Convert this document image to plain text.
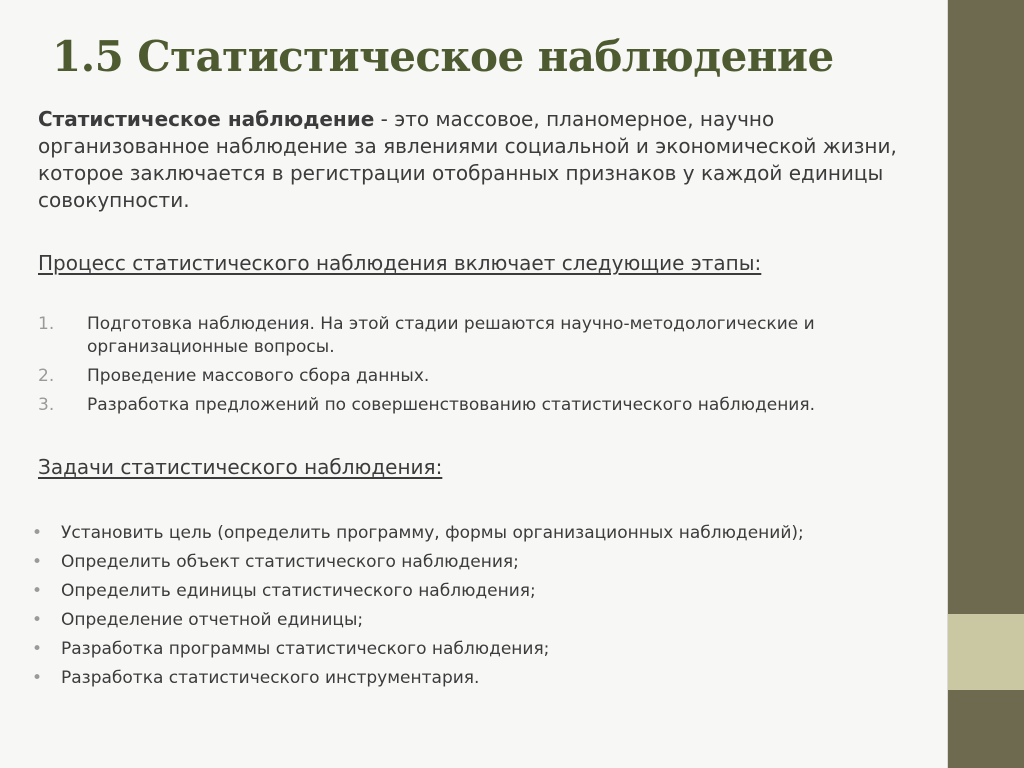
1.5 Статистическое наблюдение

Статистическое наблюдение - это массовое, планомерное, научно организованное наблюдение за явлениями социальной и экономической жизни, которое заключается в регистрации отобранных признаков у каждой единицы совокупности.

Процесс статистического наблюдения включает следующие этапы:

1. Подготовка наблюдения. На этой стадии решаются научно-методологические и организационные вопросы.
2. Проведение массового сбора данных.
3. Разработка предложений по совершенствованию статистического наблюдения.

Задачи статистического наблюдения:

• Установить цель (определить программу, формы организационных наблюдений);
• Определить объект статистического наблюдения;
• Определить единицы статистического наблюдения;
• Определение отчетной единицы;
• Разработка программы статистического наблюдения;
• Разработка статистического инструментария.
